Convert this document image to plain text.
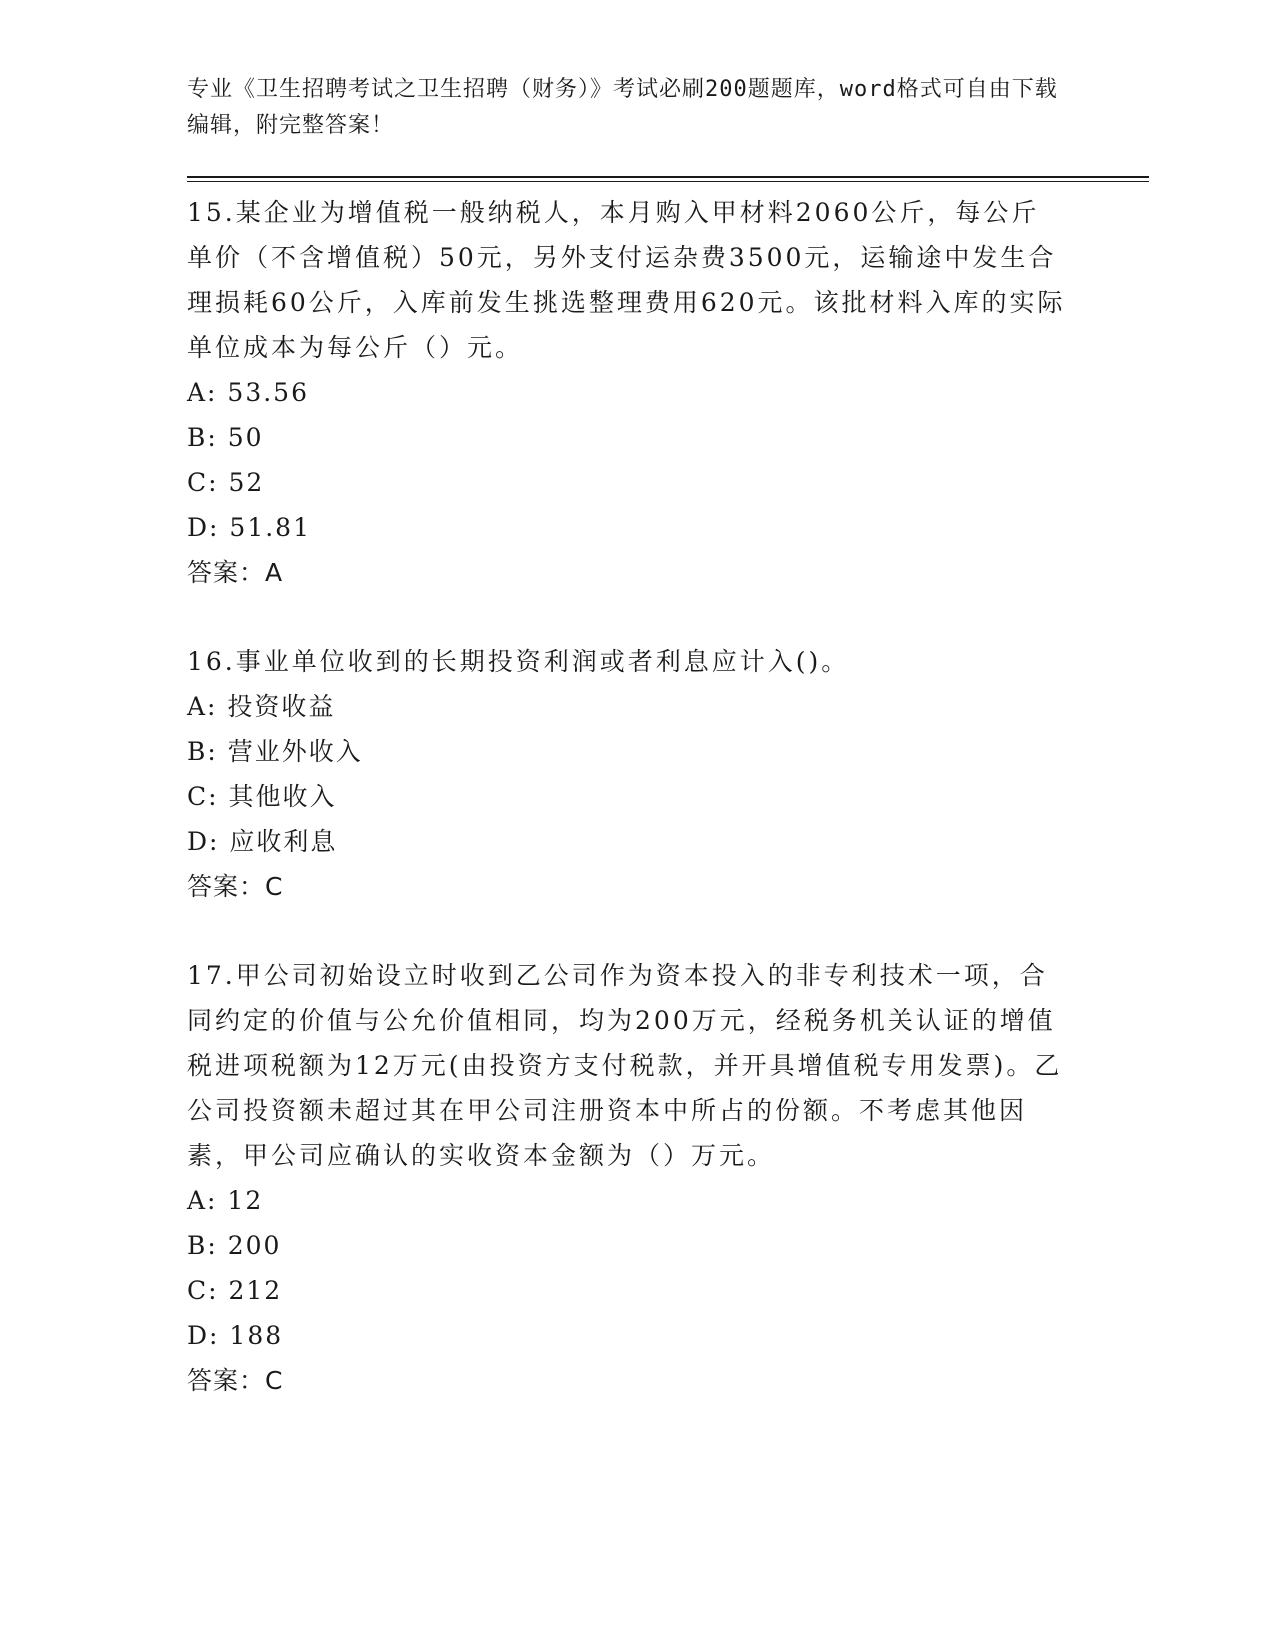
专业《卫生招聘考试之卫生招聘（财务）》考试必刷200题题库，word格式可自由下载编辑，附完整答案！
15.某企业为增值税一般纳税人，本月购入甲材料2060公斤，每公斤单价（不含增值税）50元，另外支付运杂费3500元，运输途中发生合理损耗60公斤，入库前发生挑选整理费用620元。该批材料入库的实际单位成本为每公斤（）元。
A: 53.56
B: 50
C: 52
D: 51.81
答案：A
16.事业单位收到的长期投资利润或者利息应计入()。
A: 投资收益
B: 营业外收入
C: 其他收入
D: 应收利息
答案：C
17.甲公司初始设立时收到乙公司作为资本投入的非专利技术一项，合同约定的价值与公允价值相同，均为200万元，经税务机关认证的增值税进项税额为12万元(由投资方支付税款，并开具增值税专用发票)。乙公司投资额未超过其在甲公司注册资本中所占的份额。不考虑其他因素，甲公司应确认的实收资本金额为（）万元。
A: 12
B: 200
C: 212
D: 188
答案：C
